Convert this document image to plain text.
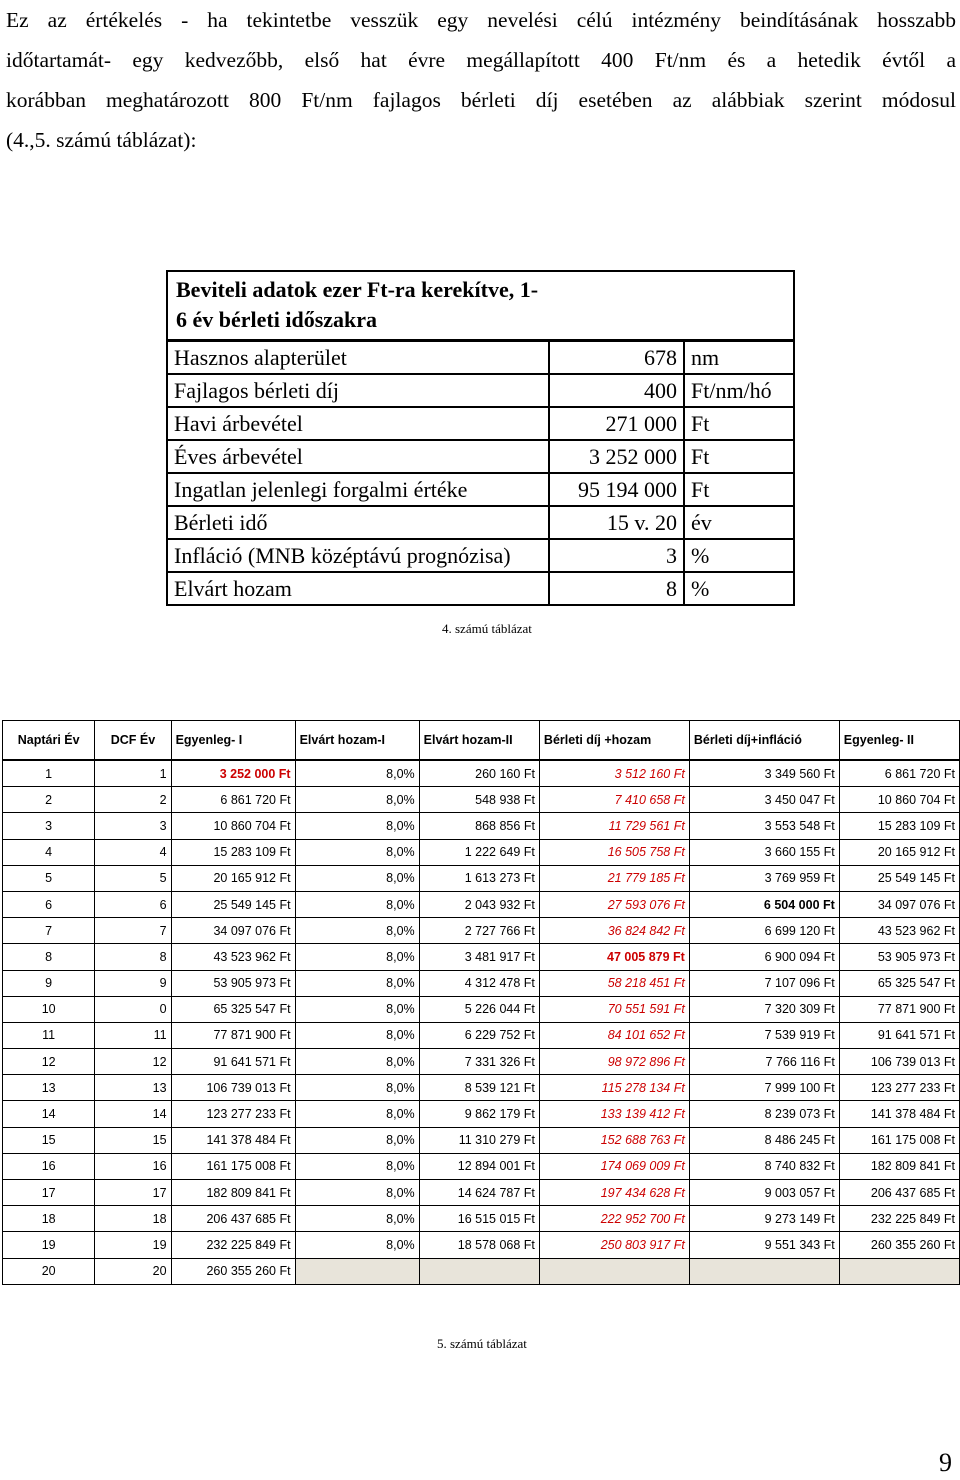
Ez az értékelés - ha tekintetbe vesszük egy nevelési célú intézmény beindításának hosszabb
időtartamát- egy kedvezőbb, első hat évre megállapított 400 Ft/nm és a hetedik évtől a
korábban meghatározott 800 Ft/nm fajlagos bérleti díj esetében az alábbiak szerint módosul
(4.,5. számú táblázat):
Beviteli adatok ezer Ft-ra kerekítve, 1-6 év bérleti időszakra		
Hasznos alapterület	678	nm
Fajlagos bérleti díj	400	Ft/nm/hó
Havi árbevétel	271 000	Ft
Éves árbevétel	3 252 000	Ft
Ingatlan jelenlegi forgalmi értéke	95 194 000	Ft
Bérleti idő	15 v. 20	év
Infláció (MNB középtávú prognózisa)	3	%
Elvárt hozam	8	%
4. számú táblázat
Naptári Év	DCF Év	Egyenleg- I	Elvárt hozam-I	Elvárt hozam-II	Bérleti díj +hozam	Bérleti díj+infláció	Egyenleg- II
1	1	3 252 000 Ft	8,0%	260 160 Ft	3 512 160 Ft	3 349 560 Ft	6 861 720 Ft
2	2	6 861 720 Ft	8,0%	548 938 Ft	7 410 658 Ft	3 450 047 Ft	10 860 704 Ft
3	3	10 860 704 Ft	8,0%	868 856 Ft	11 729 561 Ft	3 553 548 Ft	15 283 109 Ft
4	4	15 283 109 Ft	8,0%	1 222 649 Ft	16 505 758 Ft	3 660 155 Ft	20 165 912 Ft
5	5	20 165 912 Ft	8,0%	1 613 273 Ft	21 779 185 Ft	3 769 959 Ft	25 549 145 Ft
6	6	25 549 145 Ft	8,0%	2 043 932 Ft	27 593 076 Ft	6 504 000 Ft	34 097 076 Ft
7	7	34 097 076 Ft	8,0%	2 727 766 Ft	36 824 842 Ft	6 699 120 Ft	43 523 962 Ft
8	8	43 523 962 Ft	8,0%	3 481 917 Ft	47 005 879 Ft	6 900 094 Ft	53 905 973 Ft
9	9	53 905 973 Ft	8,0%	4 312 478 Ft	58 218 451 Ft	7 107 096 Ft	65 325 547 Ft
10	0	65 325 547 Ft	8,0%	5 226 044 Ft	70 551 591 Ft	7 320 309 Ft	77 871 900 Ft
11	11	77 871 900 Ft	8,0%	6 229 752 Ft	84 101 652 Ft	7 539 919 Ft	91 641 571 Ft
12	12	91 641 571 Ft	8,0%	7 331 326 Ft	98 972 896 Ft	7 766 116 Ft	106 739 013 Ft
13	13	106 739 013 Ft	8,0%	8 539 121 Ft	115 278 134 Ft	7 999 100 Ft	123 277 233 Ft
14	14	123 277 233 Ft	8,0%	9 862 179 Ft	133 139 412 Ft	8 239 073 Ft	141 378 484 Ft
15	15	141 378 484 Ft	8,0%	11 310 279 Ft	152 688 763 Ft	8 486 245 Ft	161 175 008 Ft
16	16	161 175 008 Ft	8,0%	12 894 001 Ft	174 069 009 Ft	8 740 832 Ft	182 809 841 Ft
17	17	182 809 841 Ft	8,0%	14 624 787 Ft	197 434 628 Ft	9 003 057 Ft	206 437 685 Ft
18	18	206 437 685 Ft	8,0%	16 515 015 Ft	222 952 700 Ft	9 273 149 Ft	232 225 849 Ft
19	19	232 225 849 Ft	8,0%	18 578 068 Ft	250 803 917 Ft	9 551 343 Ft	260 355 260 Ft
20	20	260 355 260 Ft					
5. számú táblázat
9
